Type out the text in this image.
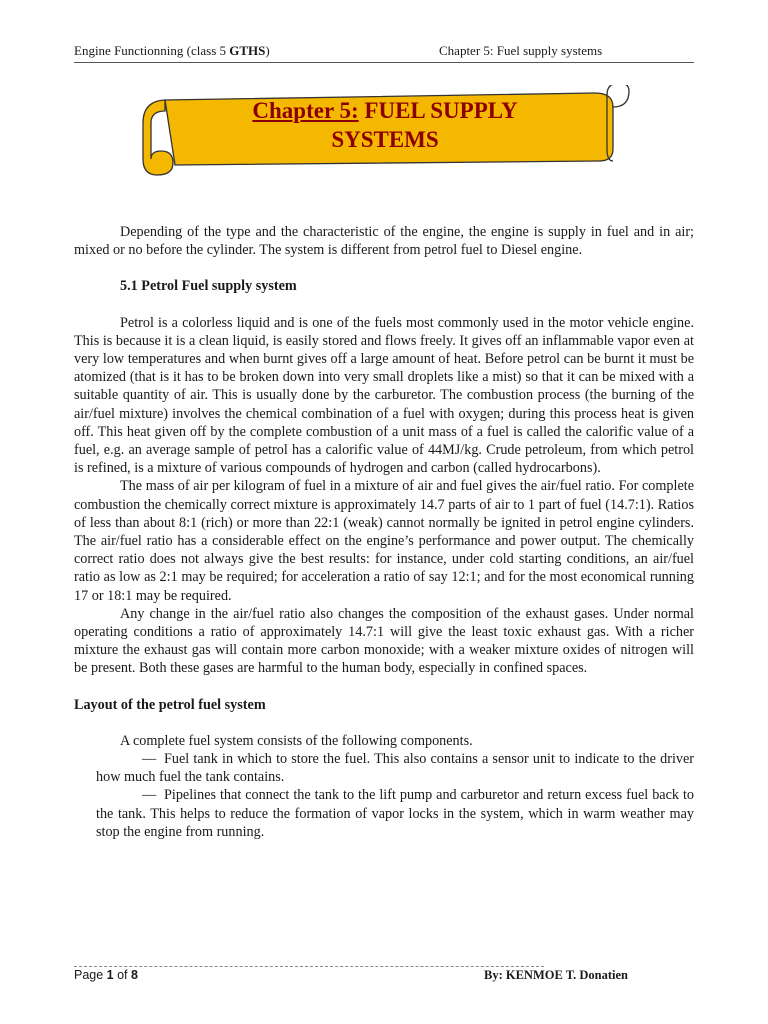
Engine Functionning (class 5 GTHS)	Chapter 5: Fuel supply systems
Chapter 5: FUEL SUPPLY
SYSTEMS

Depending of the type and the characteristic of the engine, the engine is supply in fuel and in air; mixed or no before the cylinder. The system is different from petrol fuel to Diesel engine.

5.1 Petrol Fuel supply system

Petrol is a colorless liquid and is one of the fuels most commonly used in the motor vehicle engine. This is because it is a clean liquid, is easily stored and flows freely. It gives off an inflammable vapor even at very low temperatures and when burnt gives off a large amount of heat. Before petrol can be burnt it must be atomized (that is it has to be broken down into very small droplets like a mist) so that it can be mixed with a suitable quantity of air. This is usually done by the carburetor. The combustion process (the burning of the air/fuel mixture) involves the chemical combination of a fuel with oxygen; during this process heat is given off. This heat given off by the complete combustion of a unit mass of a fuel is called the calorific value of a fuel, e.g. an average sample of petrol has a calorific value of 44MJ/kg. Crude petroleum, from which petrol is refined, is a mixture of various compounds of hydrogen and carbon (called hydrocarbons).

The mass of air per kilogram of fuel in a mixture of air and fuel gives the air/fuel ratio. For complete combustion the chemically correct mixture is approximately 14.7 parts of air to 1 part of fuel (14.7:1). Ratios of less than about 8:1 (rich) or more than 22:1 (weak) cannot normally be ignited in petrol engine cylinders. The air/fuel ratio has a considerable effect on the engine’s performance and power output. The chemically correct ratio does not always give the best results: for instance, under cold starting conditions, an air/fuel ratio as low as 2:1 may be required; for acceleration a ratio of say 12:1; and for the most economical running 17 or 18:1 may be required.

Any change in the air/fuel ratio also changes the composition of the exhaust gases. Under normal operating conditions a ratio of approximately 14.7:1 will give the least toxic exhaust gas. With a richer mixture the exhaust gas will contain more carbon monoxide; with a weaker mixture oxides of nitrogen will be present. Both these gases are harmful to the human body, especially in confined spaces.

Layout of the petrol fuel system

A complete fuel system consists of the following components.

— Fuel tank in which to store the fuel. This also contains a sensor unit to indicate to the driver how much fuel the tank contains.

— Pipelines that connect the tank to the lift pump and carburetor and return excess fuel back to the tank. This helps to reduce the formation of vapor locks in the system, which in warm weather may stop the engine from running.

Page 1 of 8	By: KENMOE T. Donatien
